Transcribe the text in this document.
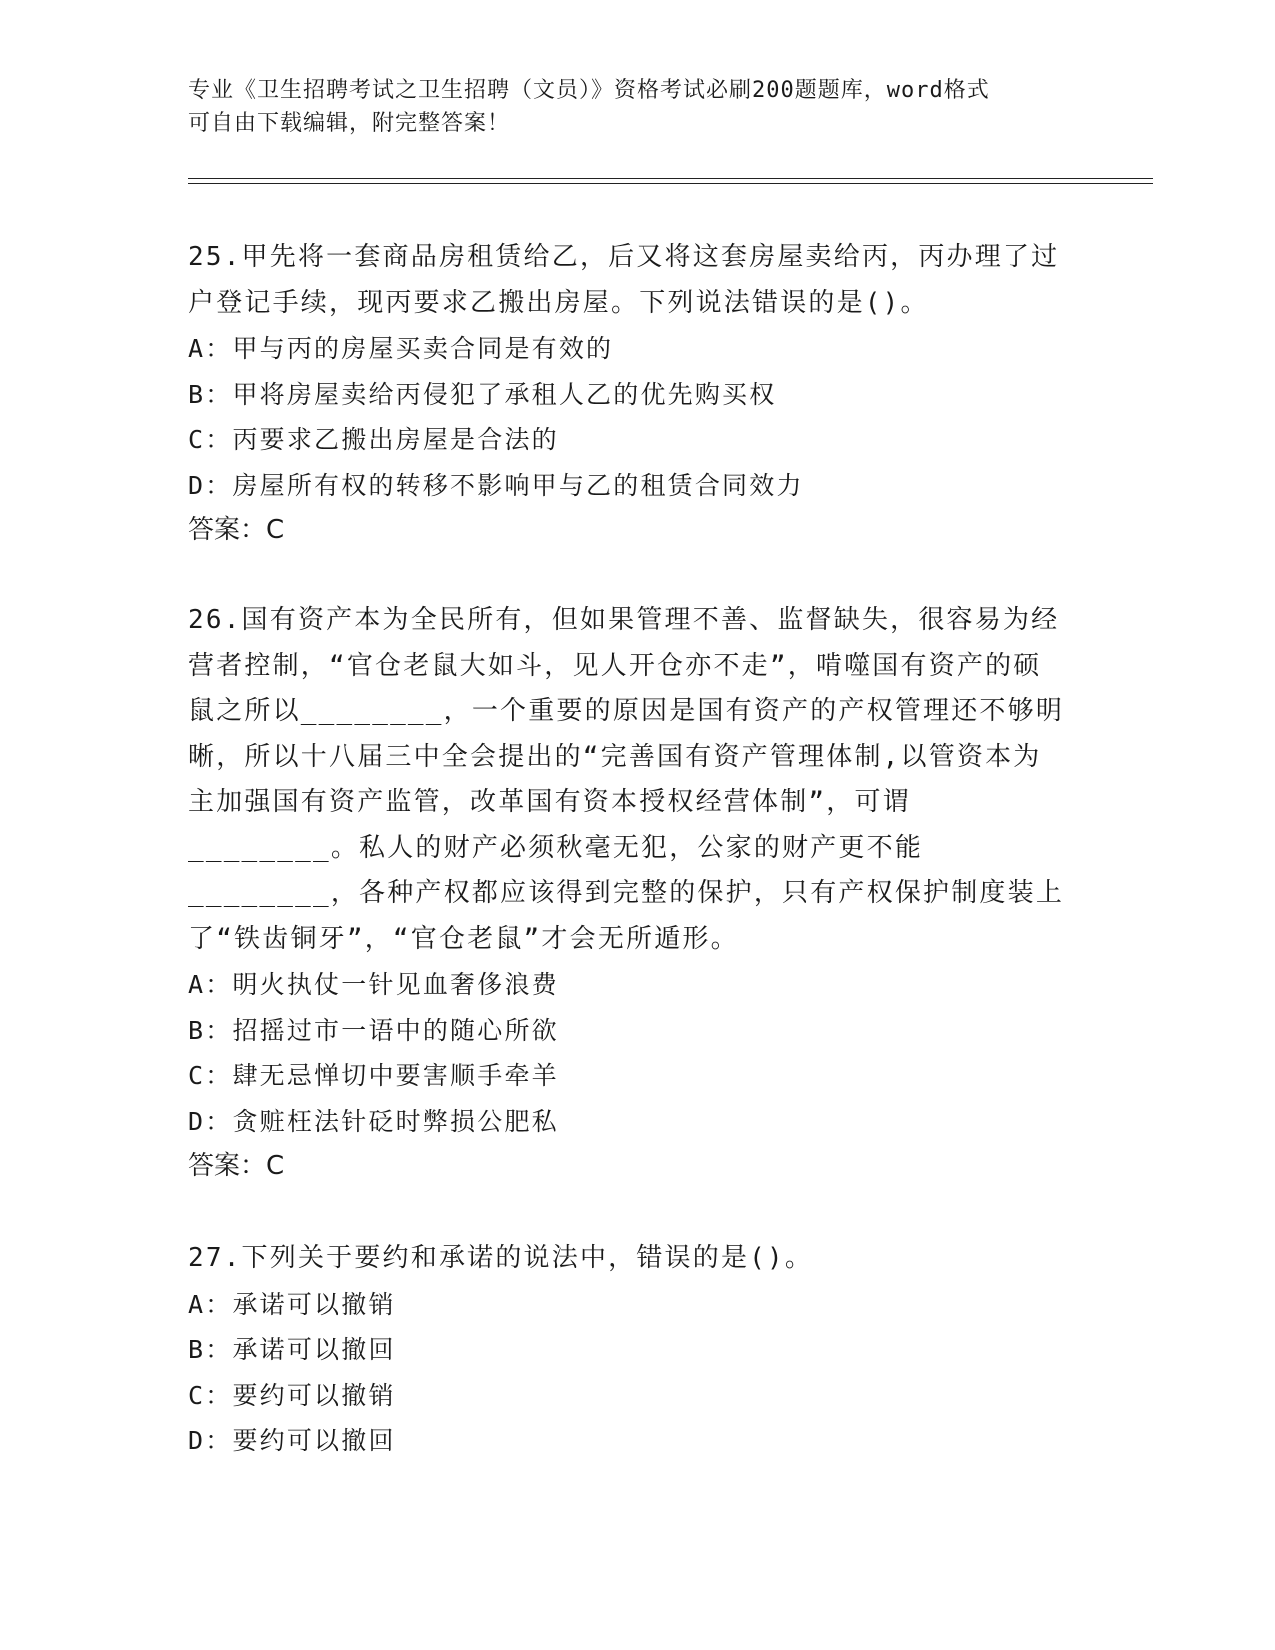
专业《卫生招聘考试之卫生招聘（文员）》资格考试必刷200题题库，word格式
可自由下载编辑，附完整答案！

25.甲先将一套商品房租赁给乙，后又将这套房屋卖给丙，丙办理了过户登记手续，现丙要求乙搬出房屋。下列说法错误的是()。

A：甲与丙的房屋买卖合同是有效的

B：甲将房屋卖给丙侵犯了承租人乙的优先购买权

C：丙要求乙搬出房屋是合法的

D：房屋所有权的转移不影响甲与乙的租赁合同效力

答案：C

26.国有资产本为全民所有，但如果管理不善、监督缺失，很容易为经营者控制，“官仓老鼠大如斗，见人开仓亦不走”，啃噬国有资产的硕鼠之所以________，一个重要的原因是国有资产的产权管理还不够明晰，所以十八届三中全会提出的“完善国有资产管理体制,以管资本为主加强国有资产监管，改革国有资本授权经营体制”，可谓________。私人的财产必须秋毫无犯，公家的财产更不能________，各种产权都应该得到完整的保护，只有产权保护制度装上了“铁齿铜牙”，“官仓老鼠”才会无所遁形。

A：明火执仗一针见血奢侈浪费

B：招摇过市一语中的随心所欲

C：肆无忌惮切中要害顺手牵羊

D：贪赃枉法针砭时弊损公肥私

答案：C

27.下列关于要约和承诺的说法中，错误的是()。

A：承诺可以撤销

B：承诺可以撤回

C：要约可以撤销

D：要约可以撤回
